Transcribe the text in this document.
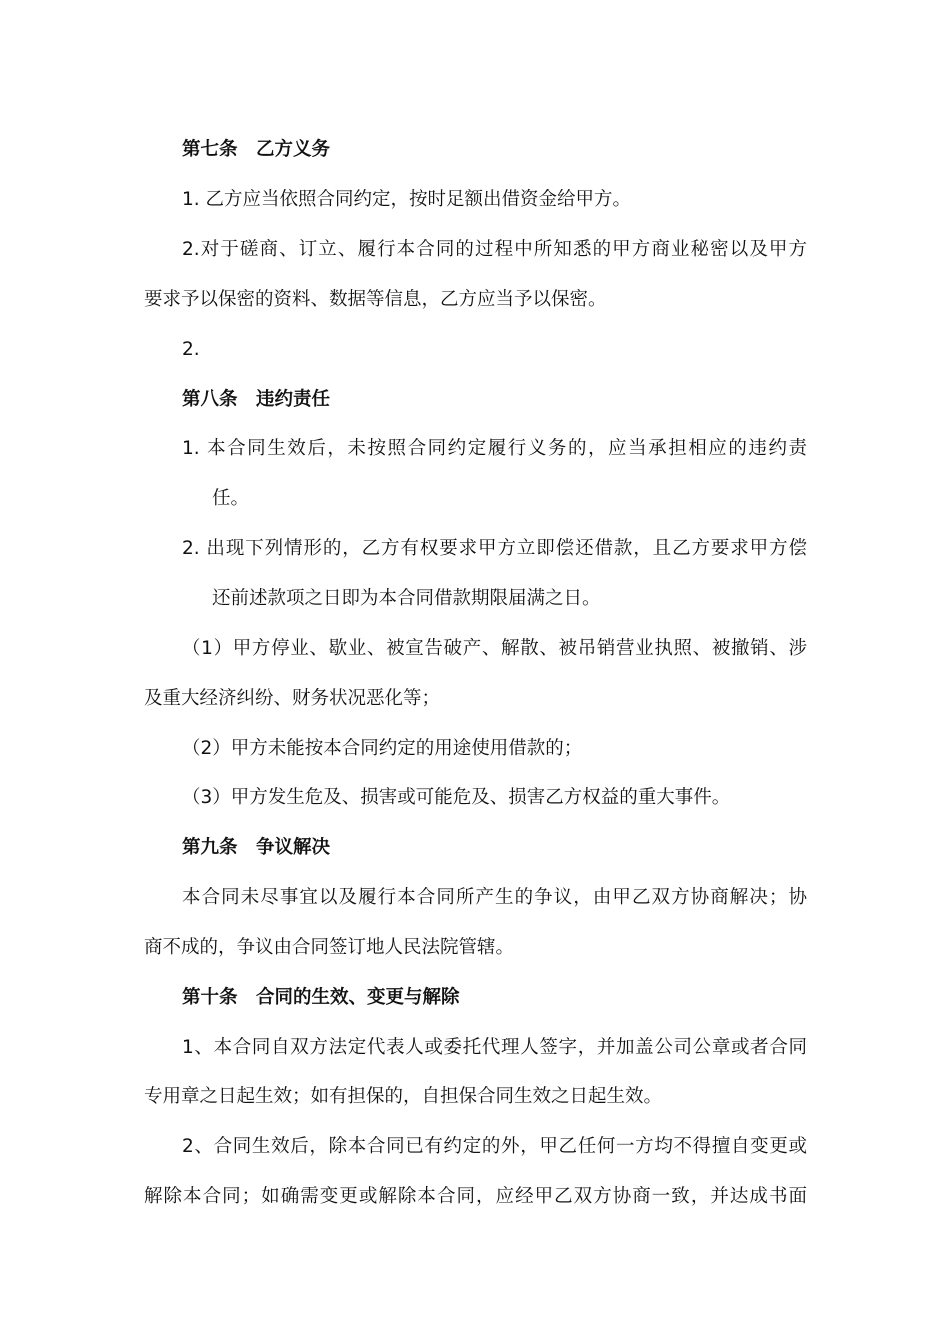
第七条　乙方义务
1. 乙方应当依照合同约定，按时足额出借资金给甲方。
2.对于磋商、订立、履行本合同的过程中所知悉的甲方商业秘密以及甲方
要求予以保密的资料、数据等信息，乙方应当予以保密。
2.
第八条　违约责任
1. 本合同生效后，未按照合同约定履行义务的，应当承担相应的违约责
任。
2. 出现下列情形的，乙方有权要求甲方立即偿还借款，且乙方要求甲方偿
还前述款项之日即为本合同借款期限届满之日。
（1）甲方停业、歇业、被宣告破产、解散、被吊销营业执照、被撤销、涉
及重大经济纠纷、财务状况恶化等；
（2）甲方未能按本合同约定的用途使用借款的；
（3）甲方发生危及、损害或可能危及、损害乙方权益的重大事件。
第九条　争议解决
本合同未尽事宜以及履行本合同所产生的争议，由甲乙双方协商解决；协
商不成的，争议由合同签订地人民法院管辖。
第十条　合同的生效、变更与解除
1、本合同自双方法定代表人或委托代理人签字，并加盖公司公章或者合同
专用章之日起生效；如有担保的，自担保合同生效之日起生效。
2、合同生效后，除本合同已有约定的外，甲乙任何一方均不得擅自变更或
解除本合同；如确需变更或解除本合同，应经甲乙双方协商一致，并达成书面
